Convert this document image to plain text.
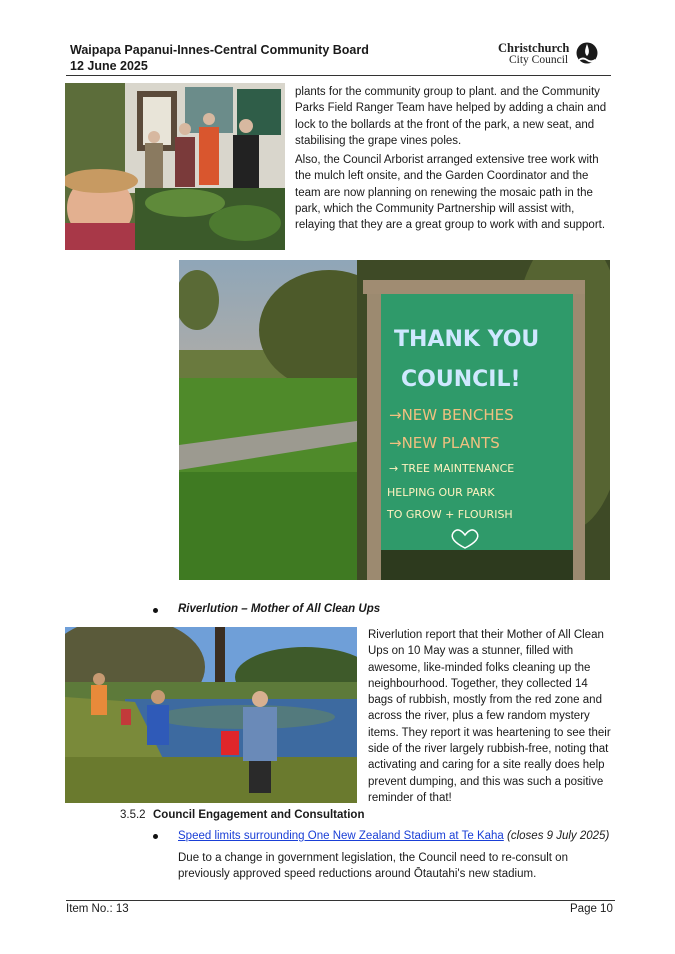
Waipapa Papanui-Innes-Central Community Board
12 June 2025
Christchurch
City Council
plants for the community group to plant. and the Community Parks Field Ranger Team have helped by adding a chain and lock to the bollards at the front of the park, a new seat, and stabilising the grape vines poles.
Also, the Council Arborist arranged extensive tree work with the mulch left onsite, and the Garden Coordinator and the team are now planning on renewing the mosaic path in the park, which the Community Partnership will assist with, relaying that they are a great group to work with and support.
THANK YOU
COUNCIL!
→NEW BENCHES
→NEW PLANTS
→ TREE MAINTENANCE
HELPING OUR PARK
TO GROW + FLOURISH
Riverlution – Mother of All Clean Ups
Riverlution report that their Mother of All Clean Ups on 10 May was a stunner, filled with awesome, like-minded folks cleaning up the neighbourhood. Together, they collected 14 bags of rubbish, mostly from the red zone and across the river, plus a few random mystery items. They report it was heartening to see their side of the river largely rubbish-free, noting that activating and caring for a site really does help prevent dumping, and this was such a positive reminder of that!
3.5.2 Council Engagement and Consultation
Speed limits surrounding One New Zealand Stadium at Te Kaha (closes 9 July 2025)
Due to a change in government legislation, the Council need to re-consult on previously approved speed reductions around Ōtautahi's new stadium.
Item No.: 13	Page 10
